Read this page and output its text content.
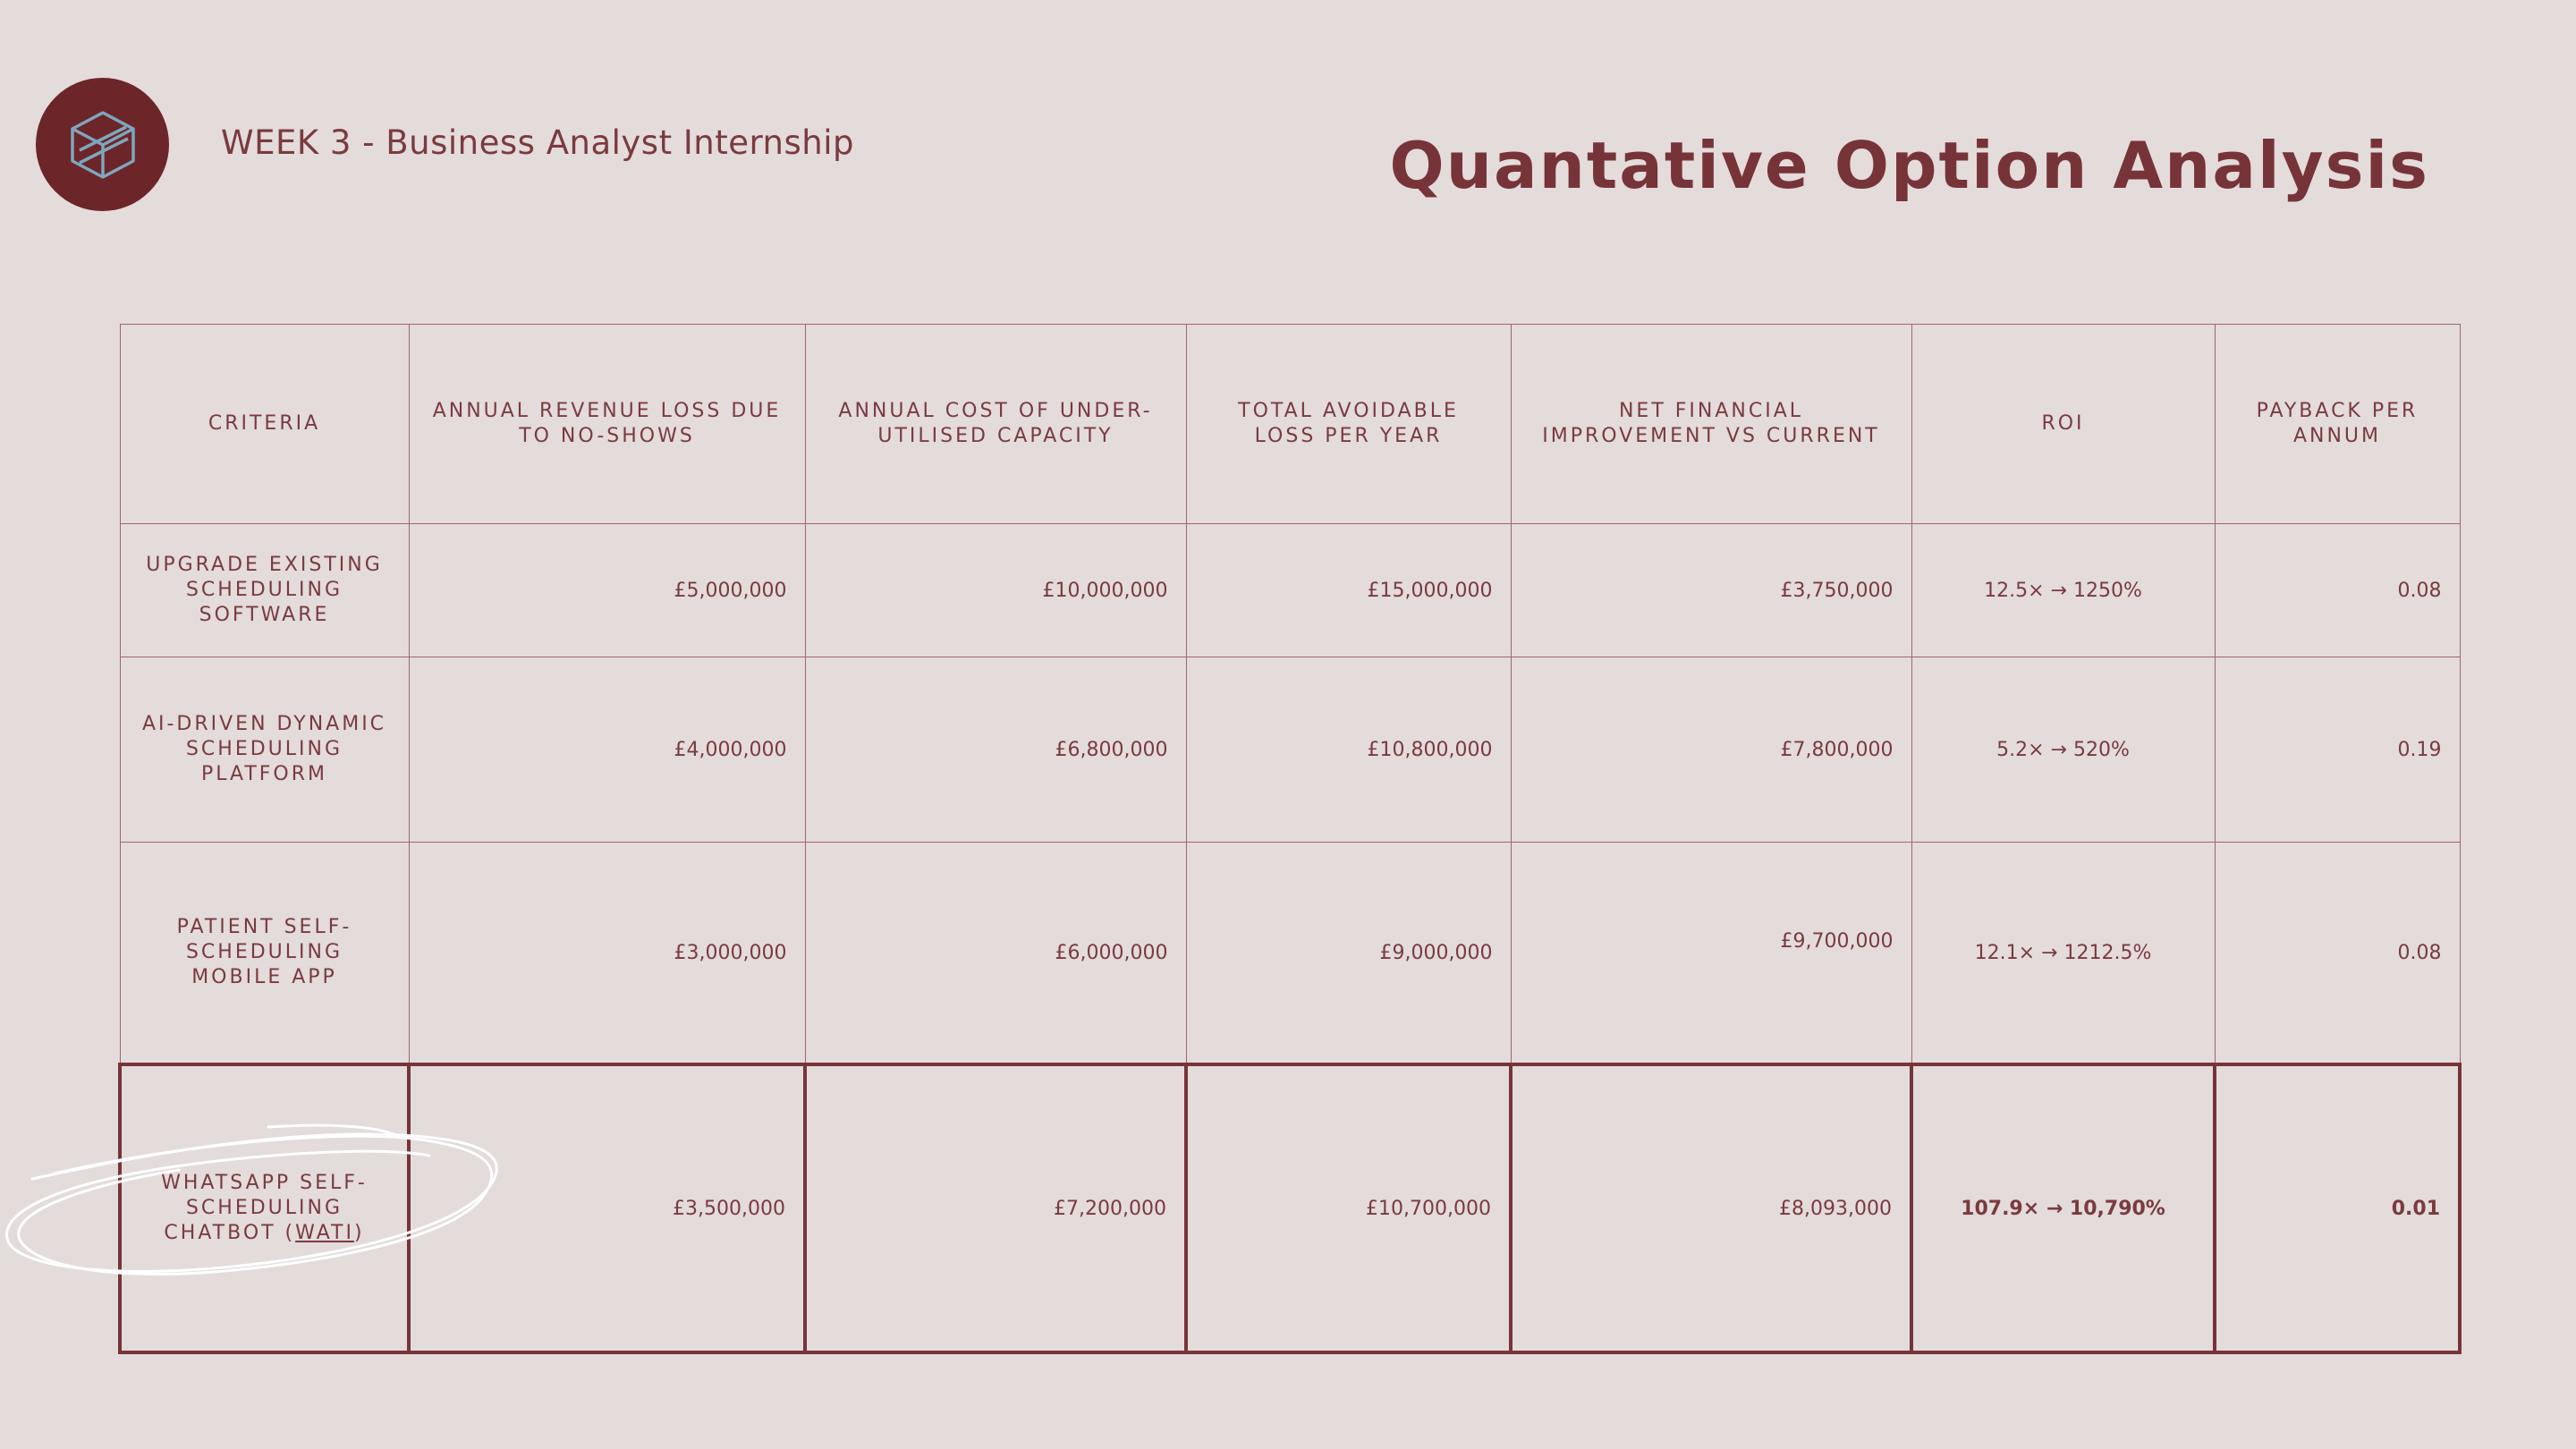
WEEK 3 - Business Analyst Internship	Quantative Option Analysis
CRITERIA	ANNUAL REVENUE LOSS DUE TO NO-SHOWS	ANNUAL COST OF UNDER-UTILISED CAPACITY	TOTAL AVOIDABLE LOSS PER YEAR	NET FINANCIAL IMPROVEMENT VS CURRENT	ROI	PAYBACK PER ANNUM
UPGRADE EXISTING SCHEDULING SOFTWARE	£5,000,000	£10,000,000	£15,000,000	£3,750,000	12.5× → 1250%	0.08
AI-DRIVEN DYNAMIC SCHEDULING PLATFORM	£4,000,000	£6,800,000	£10,800,000	£7,800,000	5.2× → 520%	0.19
PATIENT SELF-SCHEDULING MOBILE APP	£3,000,000	£6,000,000	£9,000,000	£9,700,000	12.1× → 1212.5%	0.08
WHATSAPP SELF-SCHEDULING CHATBOT (WATI)	£3,500,000	£7,200,000	£10,700,000	£8,093,000	107.9× → 10,790%	0.01
